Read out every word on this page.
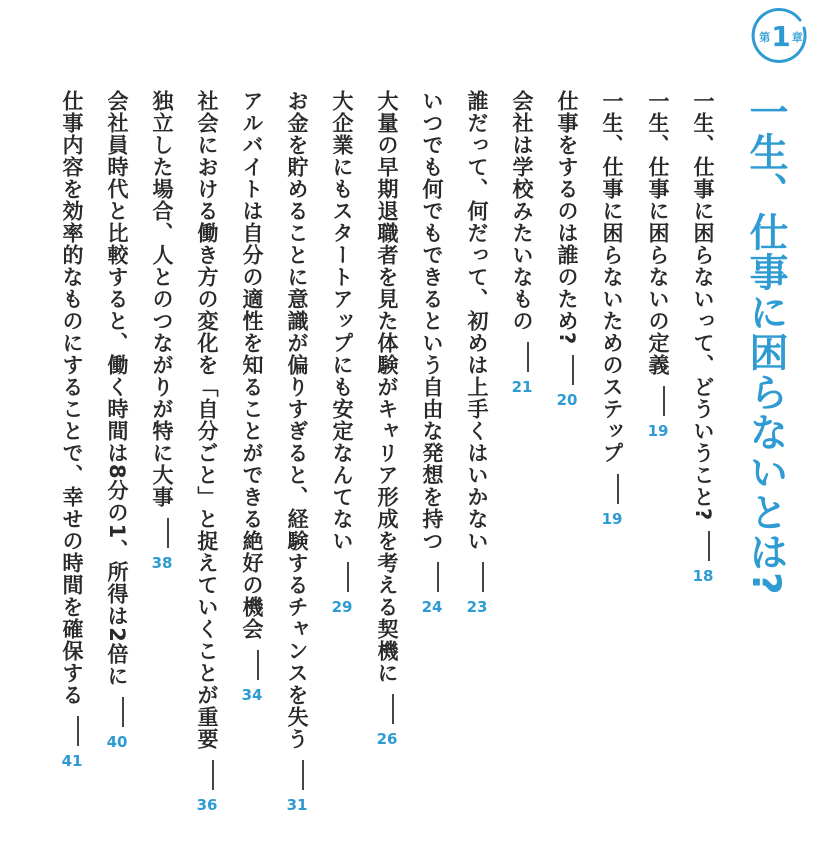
第 1 章
一生、仕事に困らないとは?
一生、仕事に困らないって、どういうこと?18
一生、仕事に困らないの定義19
一生、仕事に困らないためのステップ19
仕事をするのは誰のため?20
会社は学校みたいなもの21
誰だって、何だって、初めは上手くはいかない23
いつでも何でもできるという自由な発想を持つ24
大量の早期退職者を見た体験がキャリア形成を考える契機に26
大企業にもスタートアップにも安定なんてない29
お金を貯めることに意識が偏りすぎると、経験するチャンスを失う31
アルバイトは自分の適性を知ることができる絶好の機会34
社会における働き方の変化を「自分ごと」と捉えていくことが重要36
独立した場合、人とのつながりが特に大事38
会社員時代と比較すると、働く時間は8分の1、所得は2倍に40
仕事内容を効率的なものにすることで、幸せの時間を確保する41
